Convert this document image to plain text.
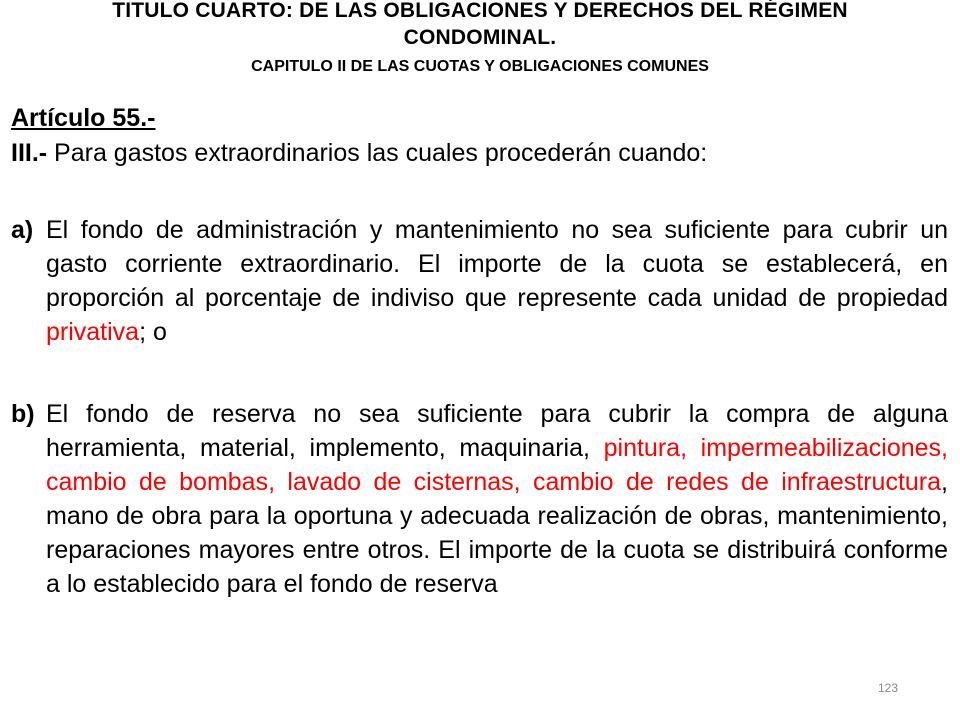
TITULO CUARTO: DE LAS OBLIGACIONES Y DERECHOS DEL RÉGIMEN

CONDOMINAL.

CAPITULO II DE LAS CUOTAS Y OBLIGACIONES COMUNES

Artículo 55.-

III.- Para gastos extraordinarios las cuales procederán cuando:

a) El fondo de administración y mantenimiento no sea suficiente para cubrir un gasto corriente extraordinario. El importe de la cuota se establecerá, en proporción al porcentaje de indiviso que represente cada unidad de propiedad privativa; o
b) El fondo de reserva no sea suficiente para cubrir la compra de alguna herramienta, material, implemento, maquinaria, pintura, impermeabilizaciones, cambio de bombas, lavado de cisternas, cambio de redes de infraestructura, mano de obra para la oportuna y adecuada realización de obras, mantenimiento, reparaciones mayores entre otros. El importe de la cuota se distribuirá conforme a lo establecido para el fondo de reserva
123
